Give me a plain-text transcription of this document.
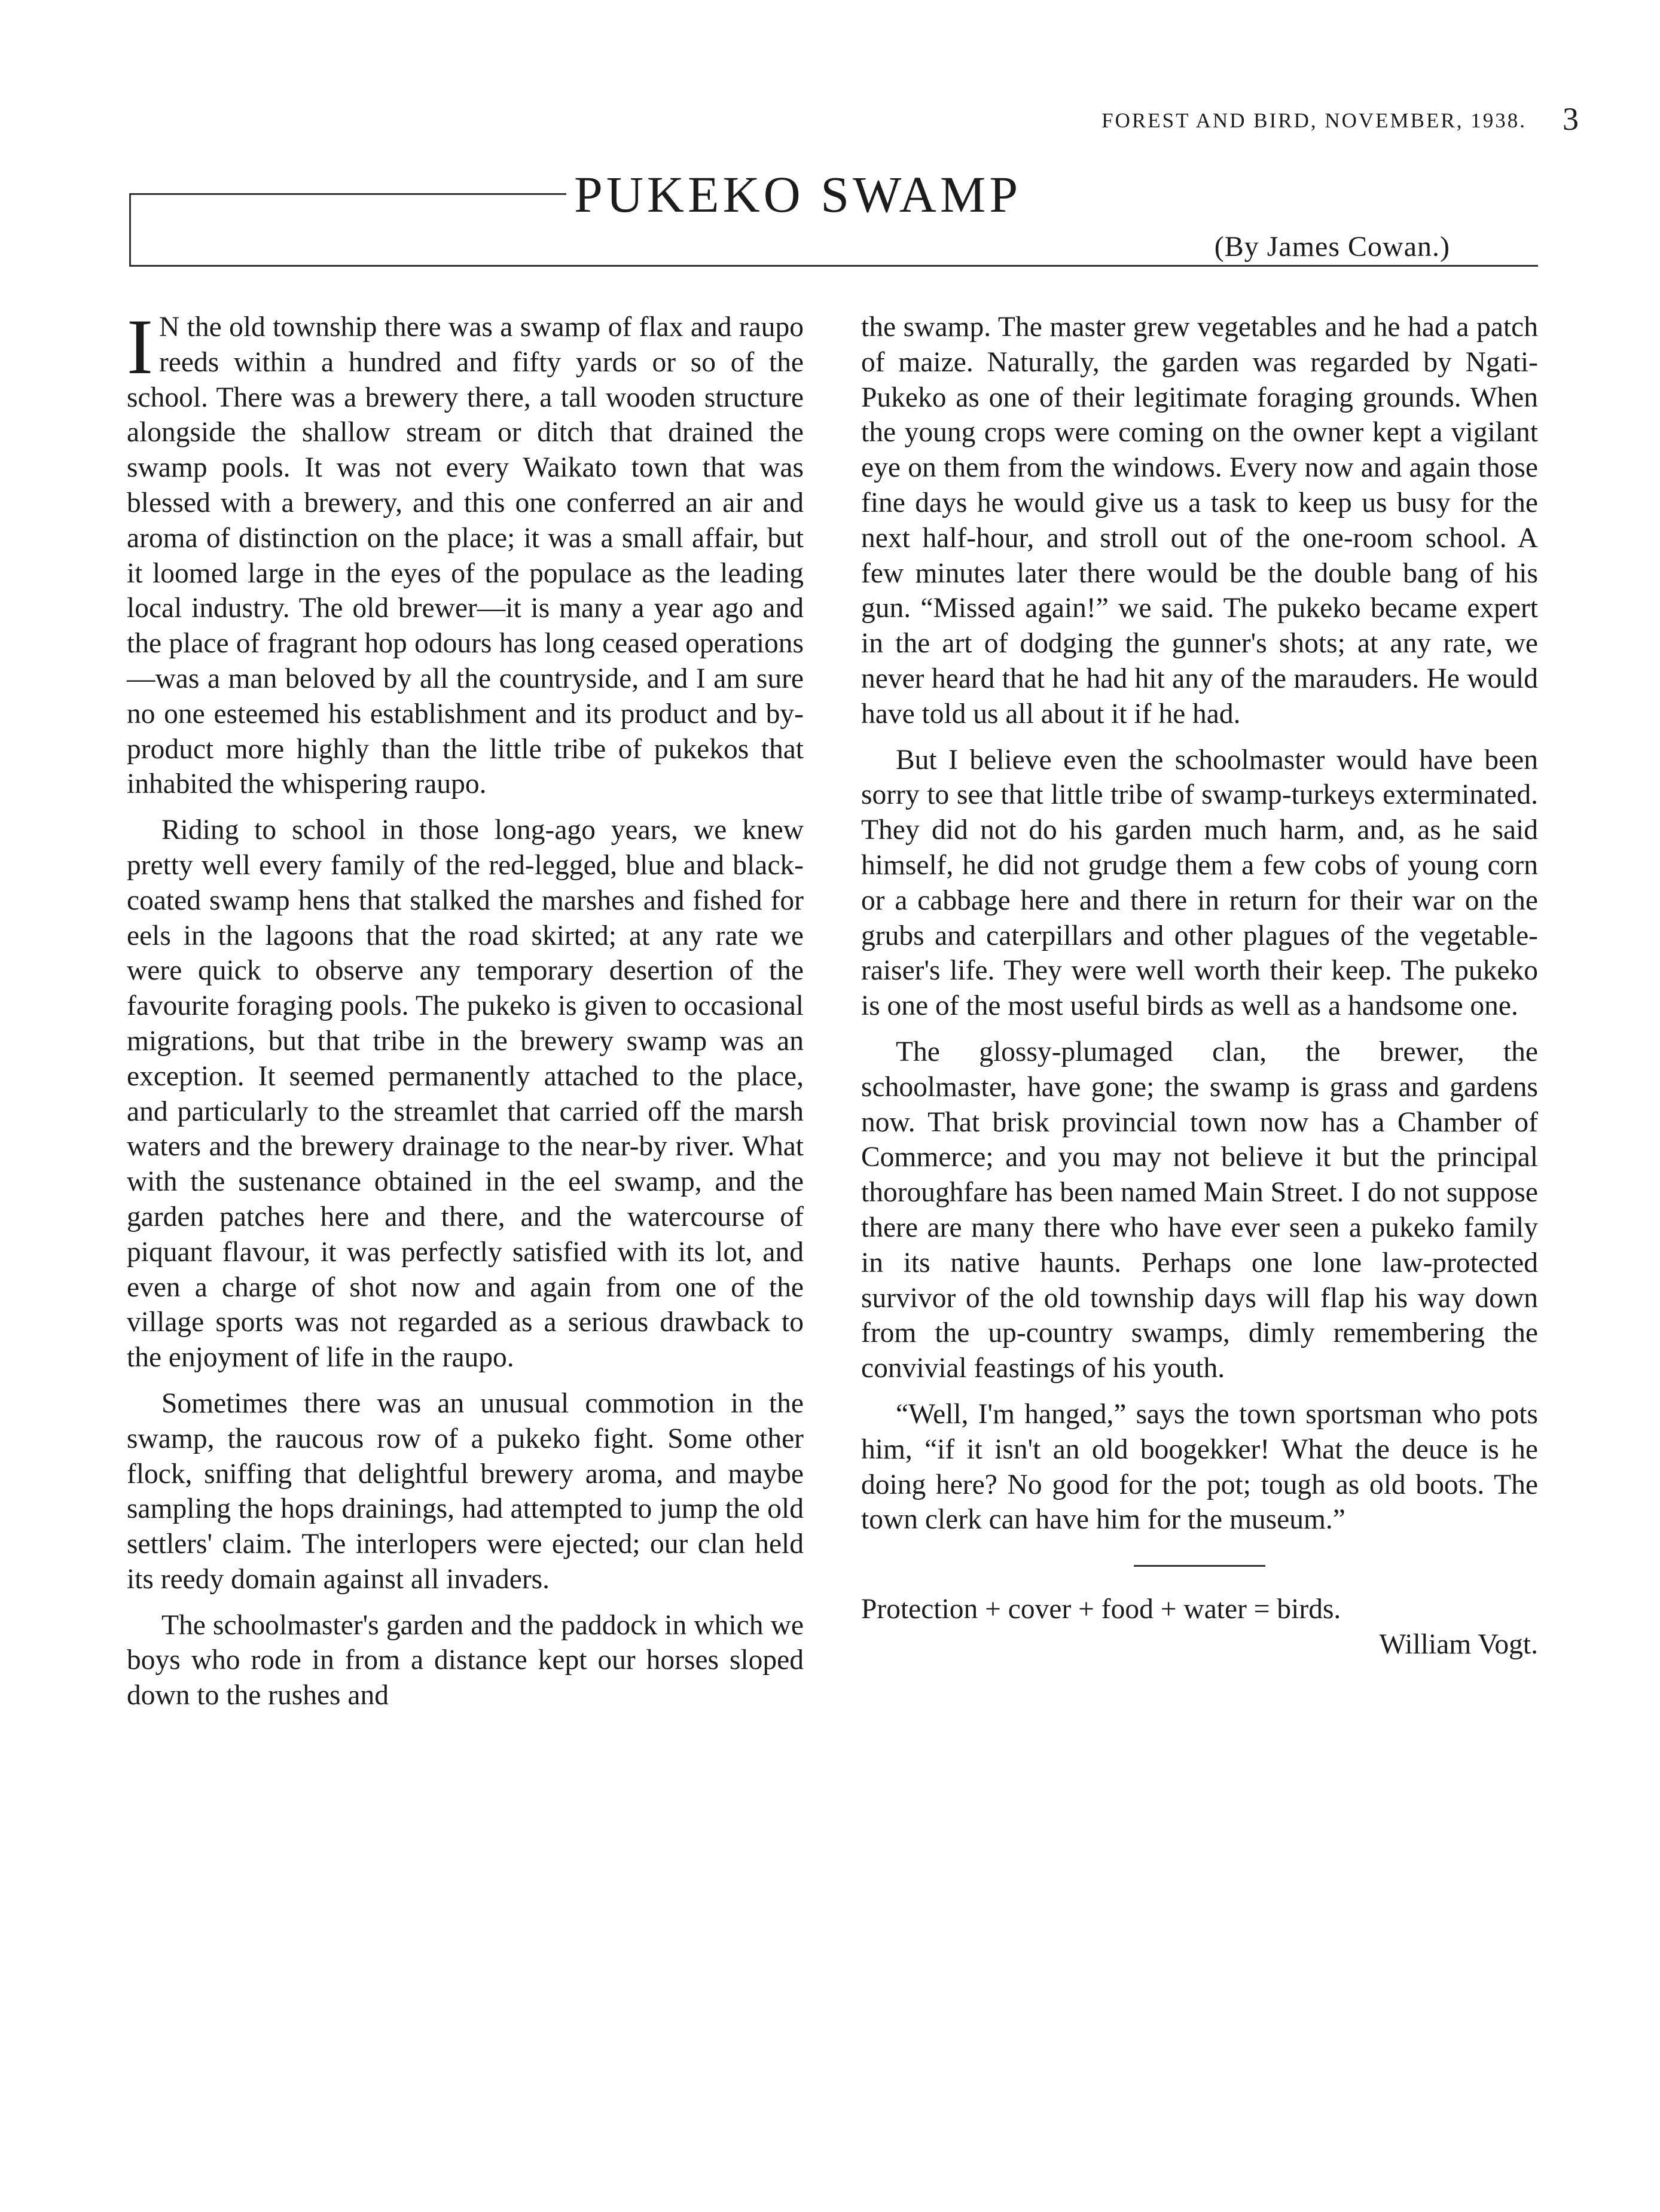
FOREST AND BIRD, NOVEMBER, 1938. 3
PUKEKO SWAMP
(By James Cowan.)

I N the old township there was a swamp of flax and raupo reeds within a hundred and fifty yards or so of the school. There was a brewery there, a tall wooden structure alongside the shallow stream or ditch that drained the swamp pools. It was not every Waikato town that was blessed with a brewery, and this one conferred an air and aroma of distinction on the place; it was a small affair, but it loomed large in the eyes of the populace as the leading local industry. The old brewer—it is many a year ago and the place of fragrant hop odours has long ceased operations—was a man beloved by all the countryside, and I am sure no one esteemed his establishment and its product and by-product more highly than the little tribe of pukekos that inhabited the whispering raupo.

Riding to school in those long-ago years, we knew pretty well every family of the red-legged, blue and black-coated swamp hens that stalked the marshes and fished for eels in the lagoons that the road skirted; at any rate we were quick to observe any temporary desertion of the favourite foraging pools. The pukeko is given to occasional migrations, but that tribe in the brewery swamp was an exception. It seemed permanently attached to the place, and particularly to the streamlet that carried off the marsh waters and the brewery drainage to the near-by river. What with the sustenance obtained in the eel swamp, and the garden patches here and there, and the watercourse of piquant flavour, it was perfectly satisfied with its lot, and even a charge of shot now and again from one of the village sports was not regarded as a serious drawback to the enjoyment of life in the raupo.

Sometimes there was an unusual commotion in the swamp, the raucous row of a pukeko fight. Some other flock, sniffing that delightful brewery aroma, and maybe sampling the hops drainings, had attempted to jump the old settlers' claim. The interlopers were ejected; our clan held its reedy domain against all invaders.

The schoolmaster's garden and the paddock in which we boys who rode in from a distance kept our horses sloped down to the rushes and

the swamp. The master grew vegetables and he had a patch of maize. Naturally, the garden was regarded by Ngati-Pukeko as one of their legitimate foraging grounds. When the young crops were coming on the owner kept a vigilant eye on them from the windows. Every now and again those fine days he would give us a task to keep us busy for the next half-hour, and stroll out of the one-room school. A few minutes later there would be the double bang of his gun. “Missed again!” we said. The pukeko became expert in the art of dodging the gunner's shots; at any rate, we never heard that he had hit any of the marauders. He would have told us all about it if he had.

But I believe even the schoolmaster would have been sorry to see that little tribe of swamp-turkeys exterminated. They did not do his garden much harm, and, as he said himself, he did not grudge them a few cobs of young corn or a cabbage here and there in return for their war on the grubs and caterpillars and other plagues of the vegetable-raiser's life. They were well worth their keep. The pukeko is one of the most useful birds as well as a handsome one.

The glossy-plumaged clan, the brewer, the schoolmaster, have gone; the swamp is grass and gardens now. That brisk provincial town now has a Chamber of Commerce; and you may not believe it but the principal thoroughfare has been named Main Street. I do not suppose there are many there who have ever seen a pukeko family in its native haunts. Perhaps one lone law-protected survivor of the old township days will flap his way down from the up-country swamps, dimly remembering the convivial feastings of his youth.

“Well, I'm hanged,” says the town sportsman who pots him, “if it isn't an old boogekker! What the deuce is he doing here? No good for the pot; tough as old boots. The town clerk can have him for the museum.”

Protection + cover + food + water = birds.
William Vogt.
